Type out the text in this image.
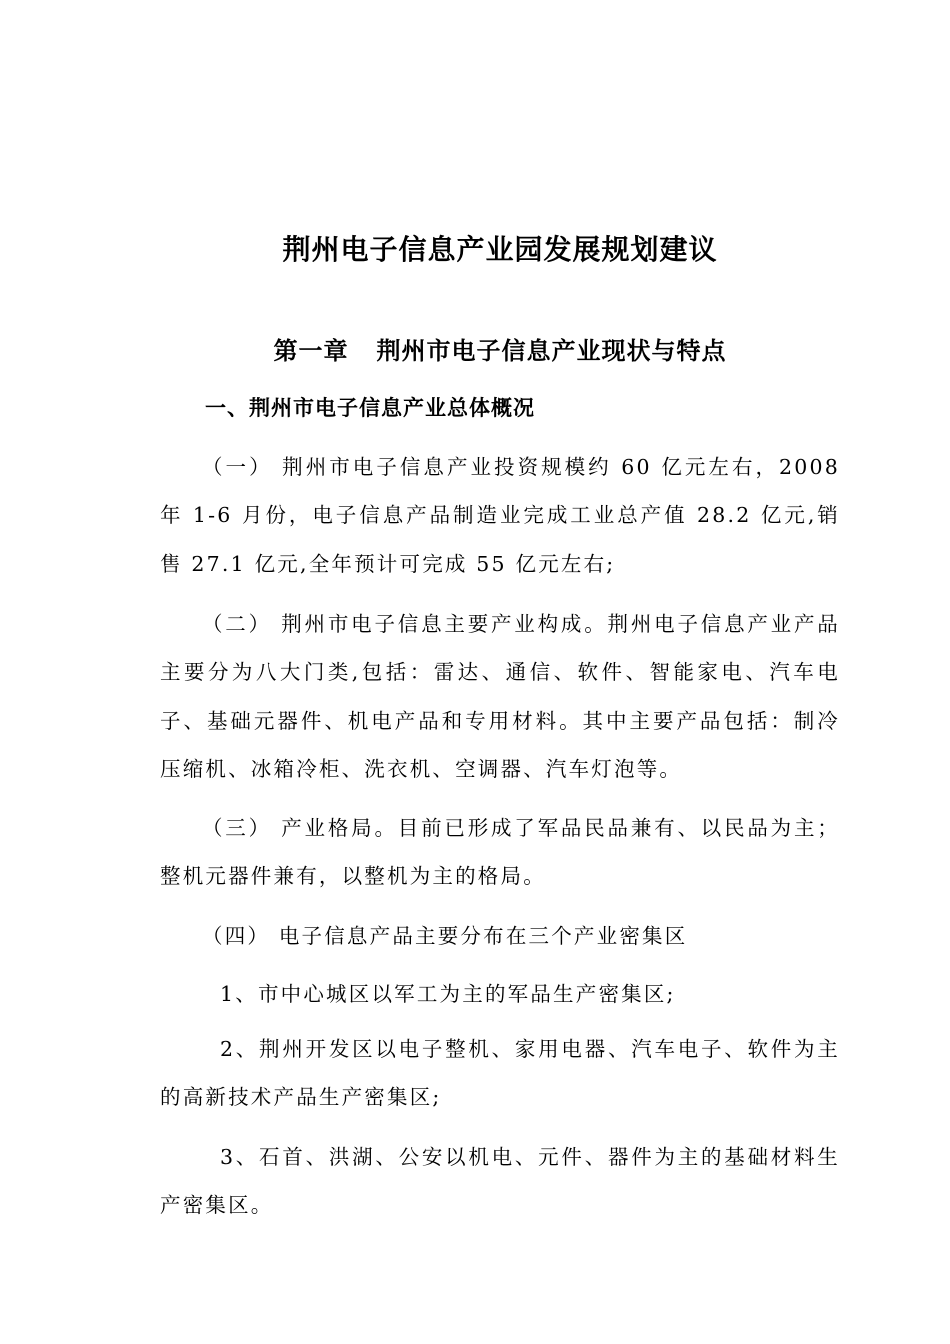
荆州电子信息产业园发展规划建议
第一章   荆州市电子信息产业现状与特点
一、荆州市电子信息产业总体概况

（一） 荆州市电子信息产业投资规模约 60 亿元左右，2008 年 1-6 月份，电子信息产品制造业完成工业总产值 28.2 亿元,销售 27.1 亿元,全年预计可完成 55 亿元左右;

（二） 荆州市电子信息主要产业构成。荆州电子信息产业产品主要分为八大门类,包括：雷达、通信、软件、智能家电、汽车电子、基础元器件、机电产品和专用材料。其中主要产品包括：制冷压缩机、冰箱冷柜、洗衣机、空调器、汽车灯泡等。

（三） 产业格局。目前已形成了军品民品兼有、以民品为主；整机元器件兼有，以整机为主的格局。

（四） 电子信息产品主要分布在三个产业密集区

1、市中心城区以军工为主的军品生产密集区;

2、荆州开发区以电子整机、家用电器、汽车电子、软件为主的高新技术产品生产密集区;

3、石首、洪湖、公安以机电、元件、器件为主的基础材料生产密集区。
